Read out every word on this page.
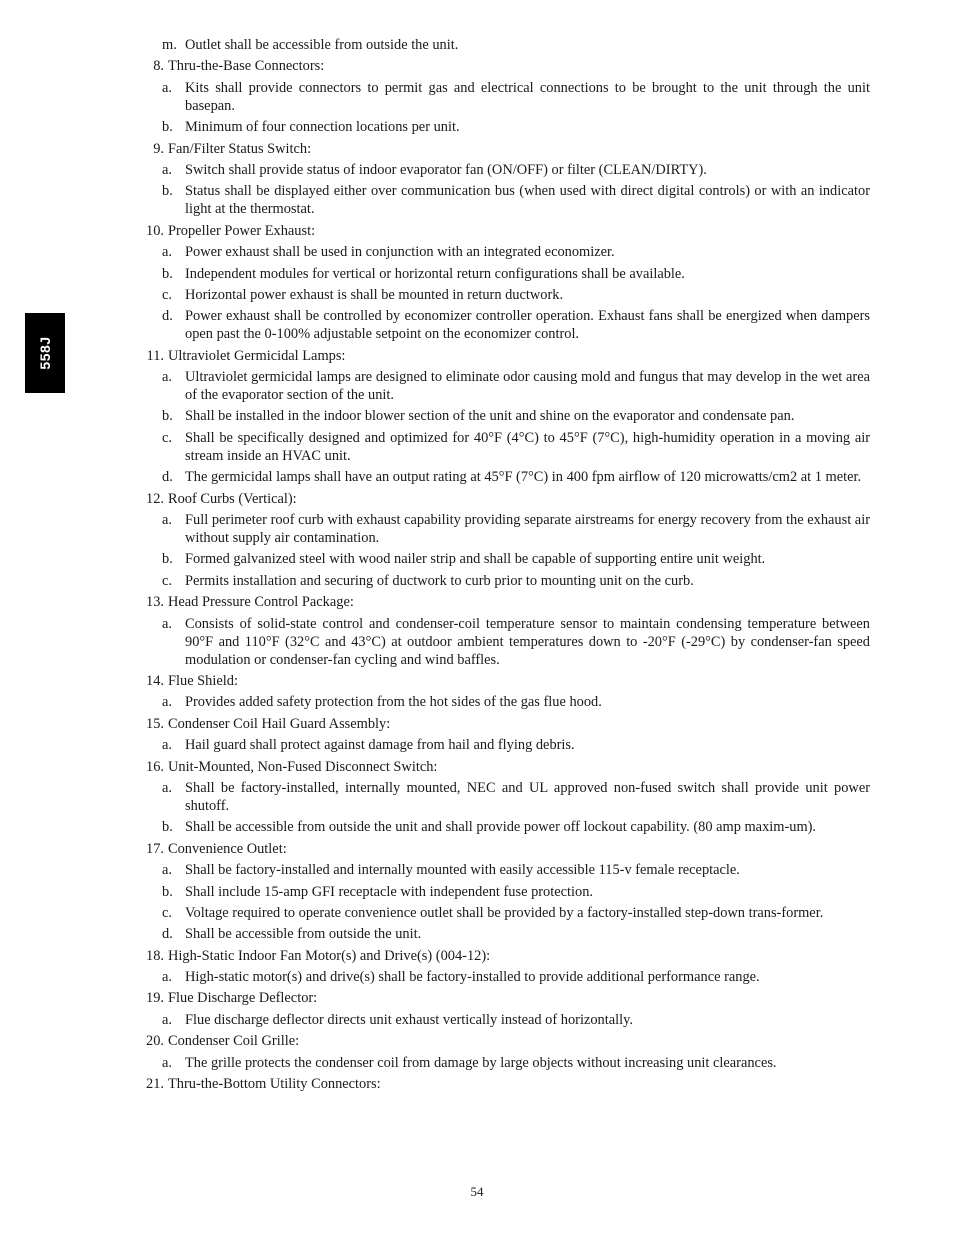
558J
m. Outlet shall be accessible from outside the unit.
8. Thru-the-Base Connectors:
a. Kits shall provide connectors to permit gas and electrical connections to be brought to the unit through the unit basepan.
b. Minimum of four connection locations per unit.
9. Fan/Filter Status Switch:
a. Switch shall provide status of indoor evaporator fan (ON/OFF) or filter (CLEAN/DIRTY).
b. Status shall be displayed either over communication bus (when used with direct digital controls) or with an indicator light at the thermostat.
10. Propeller Power Exhaust:
a. Power exhaust shall be used in conjunction with an integrated economizer.
b. Independent modules for vertical or horizontal return configurations shall be available.
c. Horizontal power exhaust is shall be mounted in return ductwork.
d. Power exhaust shall be controlled by economizer controller operation. Exhaust fans shall be energized when dampers open past the 0-100% adjustable setpoint on the economizer control.
11. Ultraviolet Germicidal Lamps:
a. Ultraviolet germicidal lamps are designed to eliminate odor causing mold and fungus that may develop in the wet area of the evaporator section of the unit.
b. Shall be installed in the indoor blower section of the unit and shine on the evaporator and condensate pan.
c. Shall be specifically designed and optimized for 40°F (4°C) to 45°F (7°C), high-humidity operation in a moving air stream inside an HVAC unit.
d. The germicidal lamps shall have an output rating at 45°F (7°C) in 400 fpm airflow of 120 microwatts/cm2 at 1 meter.
12. Roof Curbs (Vertical):
a. Full perimeter roof curb with exhaust capability providing separate airstreams for energy recovery from the exhaust air without supply air contamination.
b. Formed galvanized steel with wood nailer strip and shall be capable of supporting entire unit weight.
c. Permits installation and securing of ductwork to curb prior to mounting unit on the curb.
13. Head Pressure Control Package:
a. Consists of solid-state control and condenser-coil temperature sensor to maintain condensing temperature between 90°F and 110°F (32°C and 43°C) at outdoor ambient temperatures down to -20°F (-29°C) by condenser-fan speed modulation or condenser-fan cycling and wind baffles.
14. Flue Shield:
a. Provides added safety protection from the hot sides of the gas flue hood.
15. Condenser Coil Hail Guard Assembly:
a. Hail guard shall protect against damage from hail and flying debris.
16. Unit-Mounted, Non-Fused Disconnect Switch:
a. Shall be factory-installed, internally mounted, NEC and UL approved non-fused switch shall provide unit power shutoff.
b. Shall be accessible from outside the unit and shall provide power off lockout capability. (80 amp maxim-um).
17. Convenience Outlet:
a. Shall be factory-installed and internally mounted with easily accessible 115-v female receptacle.
b. Shall include 15-amp GFI receptacle with independent fuse protection.
c. Voltage required to operate convenience outlet shall be provided by a factory-installed step-down trans-former.
d. Shall be accessible from outside the unit.
18. High-Static Indoor Fan Motor(s) and Drive(s) (004-12):
a. High-static motor(s) and drive(s) shall be factory-installed to provide additional performance range.
19. Flue Discharge Deflector:
a. Flue discharge deflector directs unit exhaust vertically instead of horizontally.
20. Condenser Coil Grille:
a. The grille protects the condenser coil from damage by large objects without increasing unit clearances.
21. Thru-the-Bottom Utility Connectors:
54
